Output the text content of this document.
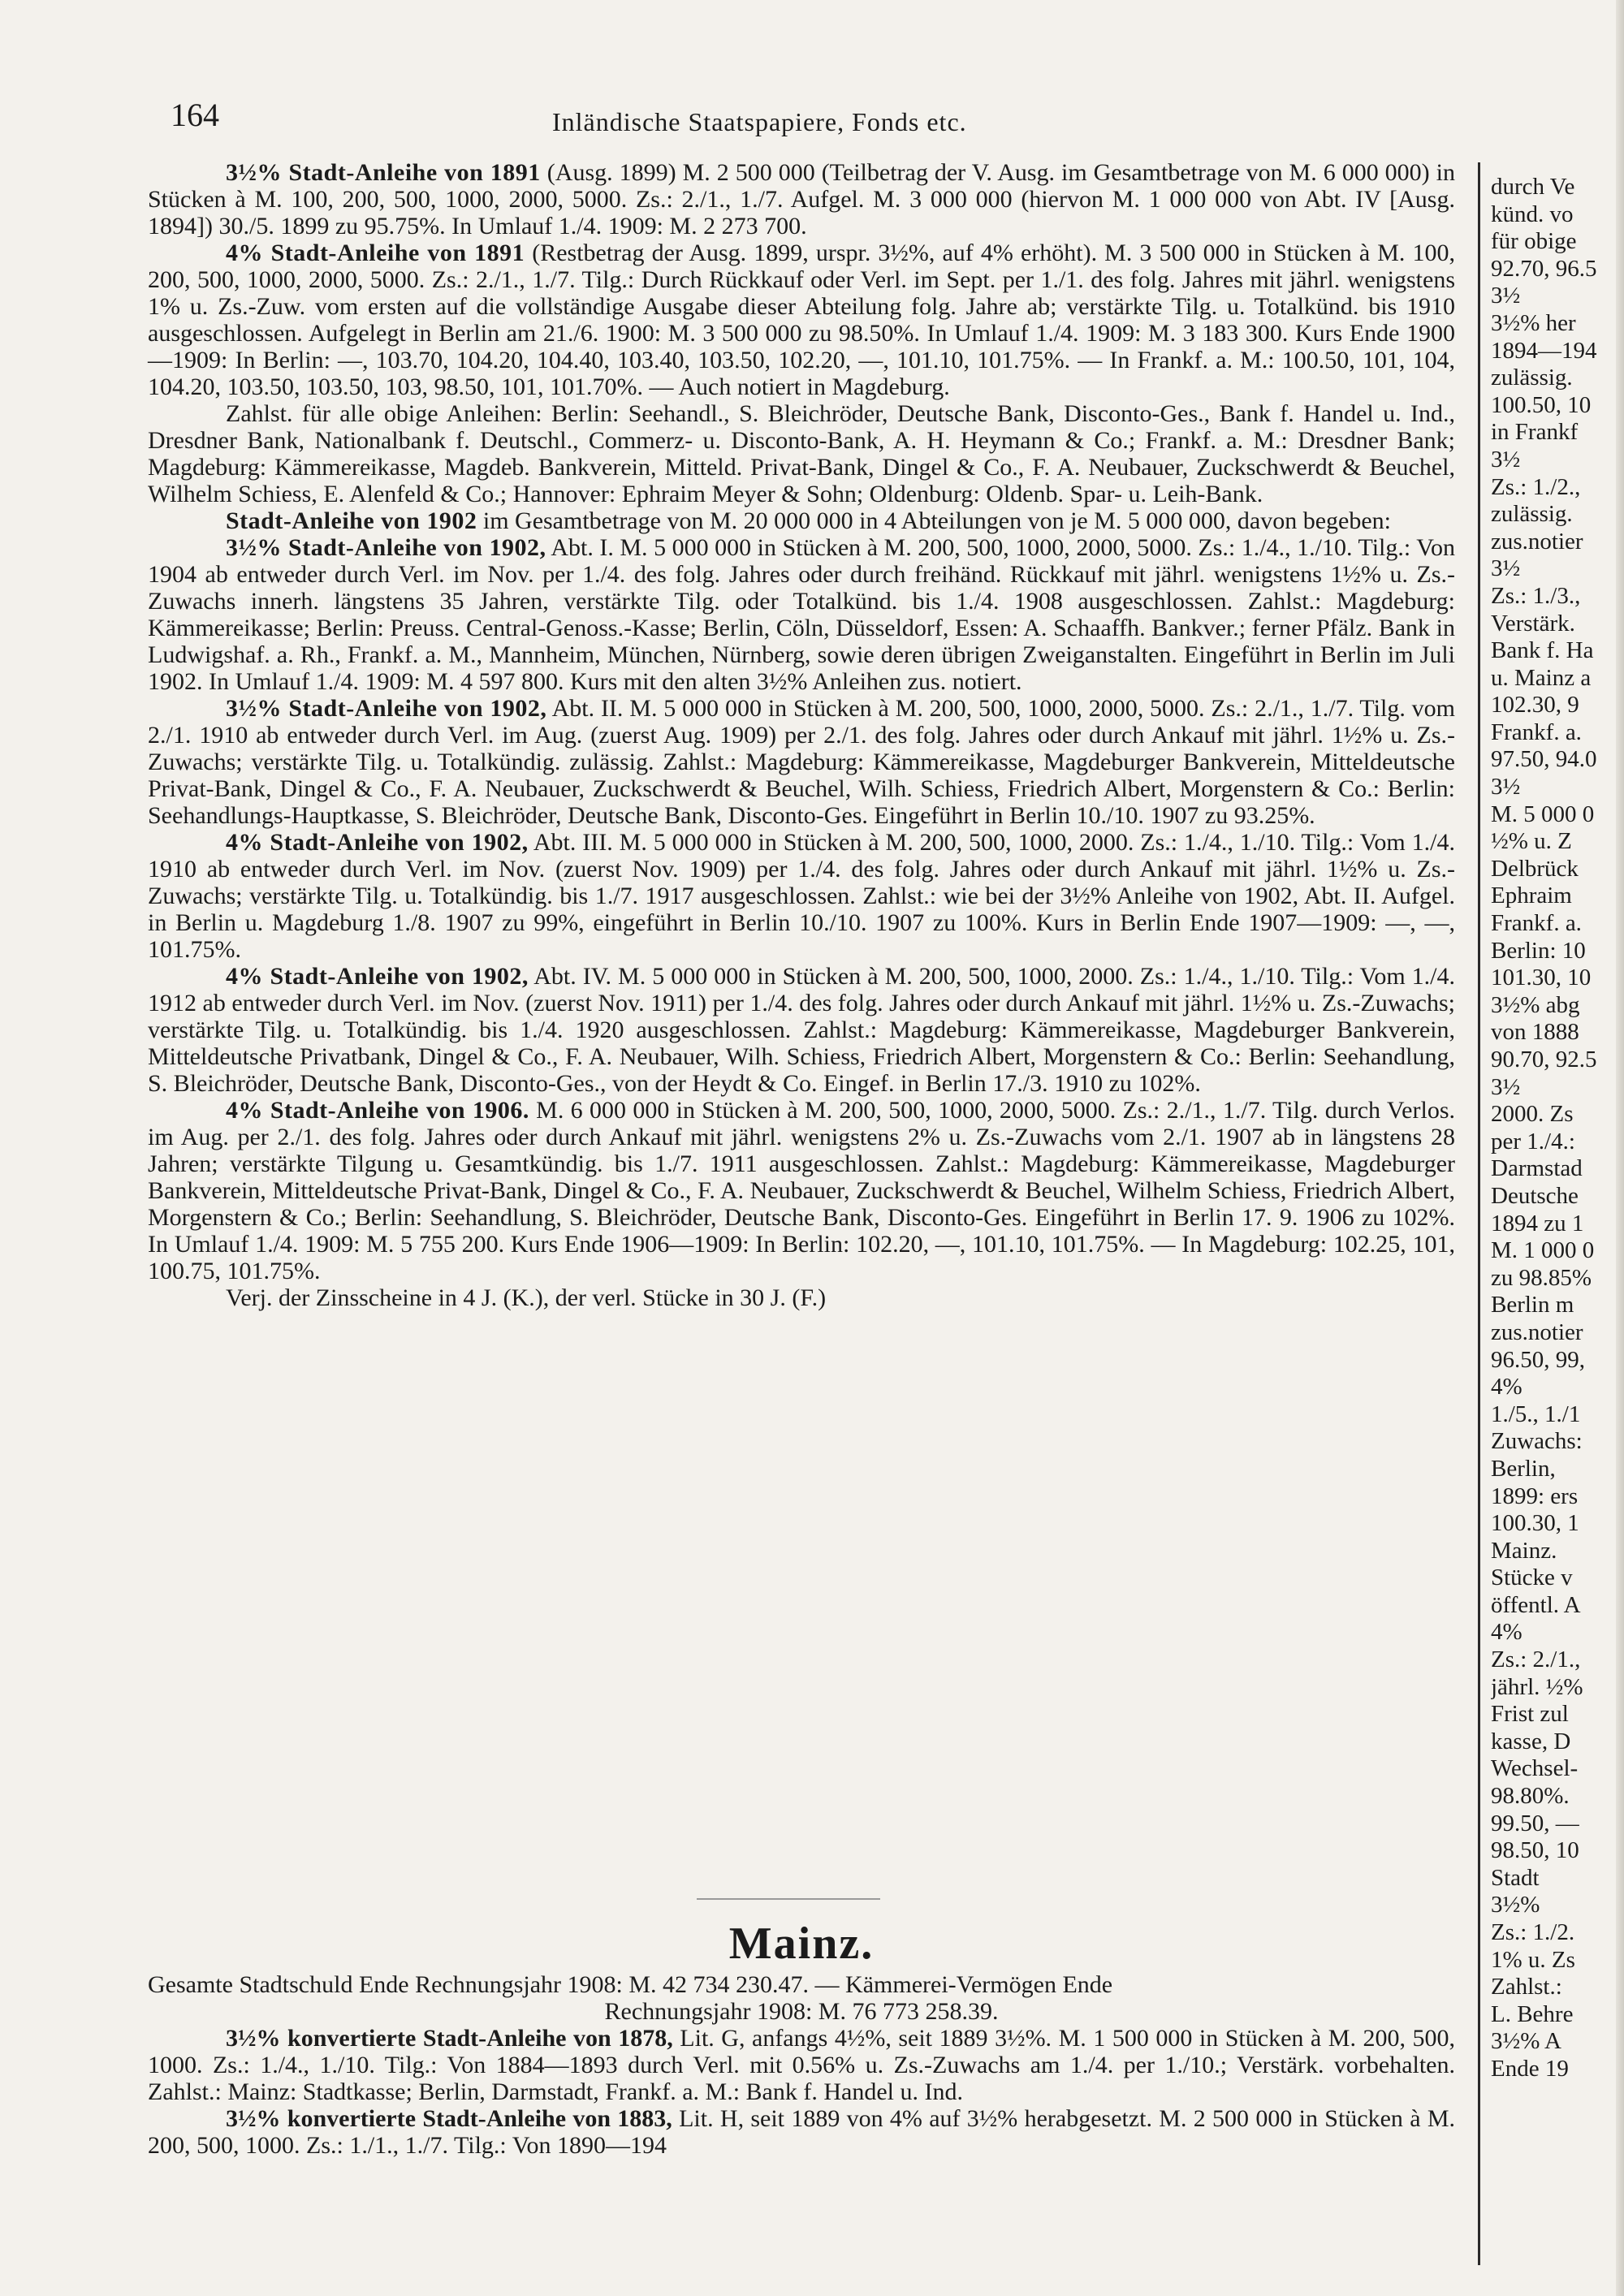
164	Inländische Staatspapiere, Fonds etc.

3½% Stadt-Anleihe von 1891 (Ausg. 1899) M. 2 500 000 (Teilbetrag der V. Ausg. im Gesamtbetrage von M. 6 000 000) in Stücken à M. 100, 200, 500, 1000, 2000, 5000. Zs.: 2./1., 1./7. Aufgel. M. 3 000 000 (hiervon M. 1 000 000 von Abt. IV [Ausg. 1894]) 30./5. 1899 zu 95.75%. In Umlauf 1./4. 1909: M. 2 273 700.

4% Stadt-Anleihe von 1891 (Restbetrag der Ausg. 1899, urspr. 3½%, auf 4% erhöht). M. 3 500 000 in Stücken à M. 100, 200, 500, 1000, 2000, 5000. Zs.: 2./1., 1./7. Tilg.: Durch Rückkauf oder Verl. im Sept. per 1./1. des folg. Jahres mit jährl. wenigstens 1% u. Zs.-Zuw. vom ersten auf die vollständige Ausgabe dieser Abteilung folg. Jahre ab; verstärkte Tilg. u. Totalkünd. bis 1910 ausgeschlossen. Aufgelegt in Berlin am 21./6. 1900: M. 3 500 000 zu 98.50%. In Umlauf 1./4. 1909: M. 3 183 300. Kurs Ende 1900—1909: In Berlin: —, 103.70, 104.20, 104.40, 103.40, 103.50, 102.20, —, 101.10, 101.75%. — In Frankf. a. M.: 100.50, 101, 104, 104.20, 103.50, 103.50, 103, 98.50, 101, 101.70%. — Auch notiert in Magdeburg.

Zahlst. für alle obige Anleihen: Berlin: Seehandl., S. Bleichröder, Deutsche Bank, Disconto-Ges., Bank f. Handel u. Ind., Dresdner Bank, Nationalbank f. Deutschl., Commerz- u. Disconto-Bank, A. H. Heymann & Co.; Frankf. a. M.: Dresdner Bank; Magdeburg: Kämmereikasse, Magdeb. Bankverein, Mitteld. Privat-Bank, Dingel & Co., F. A. Neubauer, Zuckschwerdt & Beuchel, Wilhelm Schiess, E. Alenfeld & Co.; Hannover: Ephraim Meyer & Sohn; Oldenburg: Oldenb. Spar- u. Leih-Bank.

Stadt-Anleihe von 1902 im Gesamtbetrage von M. 20 000 000 in 4 Abteilungen von je M. 5 000 000, davon begeben:

3½% Stadt-Anleihe von 1902, Abt. I. M. 5 000 000 in Stücken à M. 200, 500, 1000, 2000, 5000. Zs.: 1./4., 1./10. Tilg.: Von 1904 ab entweder durch Verl. im Nov. per 1./4. des folg. Jahres oder durch freihänd. Rückkauf mit jährl. wenigstens 1½% u. Zs.-Zuwachs innerh. längstens 35 Jahren, verstärkte Tilg. oder Totalkünd. bis 1./4. 1908 ausgeschlossen. Zahlst.: Magdeburg: Kämmereikasse; Berlin: Preuss. Central-Genoss.-Kasse; Berlin, Cöln, Düsseldorf, Essen: A. Schaaffh. Bankver.; ferner Pfälz. Bank in Ludwigshaf. a. Rh., Frankf. a. M., Mannheim, München, Nürnberg, sowie deren übrigen Zweiganstalten. Eingeführt in Berlin im Juli 1902. In Umlauf 1./4. 1909: M. 4 597 800. Kurs mit den alten 3½% Anleihen zus. notiert.

3½% Stadt-Anleihe von 1902, Abt. II. M. 5 000 000 in Stücken à M. 200, 500, 1000, 2000, 5000. Zs.: 2./1., 1./7. Tilg. vom 2./1. 1910 ab entweder durch Verl. im Aug. (zuerst Aug. 1909) per 2./1. des folg. Jahres oder durch Ankauf mit jährl. 1½% u. Zs.-Zuwachs; verstärkte Tilg. u. Totalkündig. zulässig. Zahlst.: Magdeburg: Kämmereikasse, Magdeburger Bankverein, Mitteldeutsche Privat-Bank, Dingel & Co., F. A. Neubauer, Zuckschwerdt & Beuchel, Wilh. Schiess, Friedrich Albert, Morgenstern & Co.: Berlin: Seehandlungs-Hauptkasse, S. Bleichröder, Deutsche Bank, Disconto-Ges. Eingeführt in Berlin 10./10. 1907 zu 93.25%.

4% Stadt-Anleihe von 1902, Abt. III. M. 5 000 000 in Stücken à M. 200, 500, 1000, 2000. Zs.: 1./4., 1./10. Tilg.: Vom 1./4. 1910 ab entweder durch Verl. im Nov. (zuerst Nov. 1909) per 1./4. des folg. Jahres oder durch Ankauf mit jährl. 1½% u. Zs.-Zuwachs; verstärkte Tilg. u. Totalkündig. bis 1./7. 1917 ausgeschlossen. Zahlst.: wie bei der 3½% Anleihe von 1902, Abt. II. Aufgel. in Berlin u. Magdeburg 1./8. 1907 zu 99%, eingeführt in Berlin 10./10. 1907 zu 100%. Kurs in Berlin Ende 1907—1909: —, —, 101.75%.

4% Stadt-Anleihe von 1902, Abt. IV. M. 5 000 000 in Stücken à M. 200, 500, 1000, 2000. Zs.: 1./4., 1./10. Tilg.: Vom 1./4. 1912 ab entweder durch Verl. im Nov. (zuerst Nov. 1911) per 1./4. des folg. Jahres oder durch Ankauf mit jährl. 1½% u. Zs.-Zuwachs; verstärkte Tilg. u. Totalkündig. bis 1./4. 1920 ausgeschlossen. Zahlst.: Magdeburg: Kämmereikasse, Magdeburger Bankverein, Mitteldeutsche Privatbank, Dingel & Co., F. A. Neubauer, Wilh. Schiess, Friedrich Albert, Morgenstern & Co.: Berlin: Seehandlung, S. Bleichröder, Deutsche Bank, Disconto-Ges., von der Heydt & Co. Eingef. in Berlin 17./3. 1910 zu 102%.

4% Stadt-Anleihe von 1906. M. 6 000 000 in Stücken à M. 200, 500, 1000, 2000, 5000. Zs.: 2./1., 1./7. Tilg. durch Verlos. im Aug. per 2./1. des folg. Jahres oder durch Ankauf mit jährl. wenigstens 2% u. Zs.-Zuwachs vom 2./1. 1907 ab in längstens 28 Jahren; verstärkte Tilgung u. Gesamtkündig. bis 1./7. 1911 ausgeschlossen. Zahlst.: Magdeburg: Kämmereikasse, Magdeburger Bankverein, Mitteldeutsche Privat-Bank, Dingel & Co., F. A. Neubauer, Zuckschwerdt & Beuchel, Wilhelm Schiess, Friedrich Albert, Morgenstern & Co.; Berlin: Seehandlung, S. Bleichröder, Deutsche Bank, Disconto-Ges. Eingeführt in Berlin 17. 9. 1906 zu 102%. In Umlauf 1./4. 1909: M. 5 755 200. Kurs Ende 1906—1909: In Berlin: 102.20, —, 101.10, 101.75%. — In Magdeburg: 102.25, 101, 100.75, 101.75%.

Verj. der Zinsscheine in 4 J. (K.), der verl. Stücke in 30 J. (F.)

Mainz.

Gesamte Stadtschuld Ende Rechnungsjahr 1908: M. 42 734 230.47. — Kämmerei-Vermögen Ende
Rechnungsjahr 1908: M. 76 773 258.39.

3½% konvertierte Stadt-Anleihe von 1878, Lit. G, anfangs 4½%, seit 1889 3½%. M. 1 500 000 in Stücken à M. 200, 500, 1000. Zs.: 1./4., 1./10. Tilg.: Von 1884—1893 durch Verl. mit 0.56% u. Zs.-Zuwachs am 1./4. per 1./10.; Verstärk. vorbehalten. Zahlst.: Mainz: Stadtkasse; Berlin, Darmstadt, Frankf. a. M.: Bank f. Handel u. Ind.

3½% konvertierte Stadt-Anleihe von 1883, Lit. H, seit 1889 von 4% auf 3½% herabgesetzt. M. 2 500 000 in Stücken à M. 200, 500, 1000. Zs.: 1./1., 1./7. Tilg.: Von 1890—194

durch Ve
künd. vo
für obige
92.70, 96.5
3½
3½% her
1894—194
zulässig.
100.50, 10
in Frankf
3½
Zs.: 1./2.,
zulässig.
zus.notier
3½
Zs.: 1./3.,
Verstärk.
Bank f. Ha
u. Mainz a
102.30, 9
Frankf. a.
97.50, 94.0
3½
M. 5 000 0
½% u. Z
Delbrück
Ephraim
Frankf. a.
Berlin: 10
101.30, 10
3½% abg
von 1888
90.70, 92.5
3½
2000. Zs
per 1./4.:
Darmstad
Deutsche
1894 zu 1
M. 1 000 0
zu 98.85%
Berlin m
zus.notier
96.50, 99,
4%
1./5., 1./1
Zuwachs:
Berlin,
1899: ers
100.30, 1
Mainz.
Stücke v
öffentl. A
4%
Zs.: 2./1.,
jährl. ½%
Frist zul
kasse, D
Wechsel-
98.80%.
99.50, —
98.50, 10
Stadt
3½%
Zs.: 1./2.
1% u. Zs
Zahlst.:
L. Behre
3½% A
Ende 19
